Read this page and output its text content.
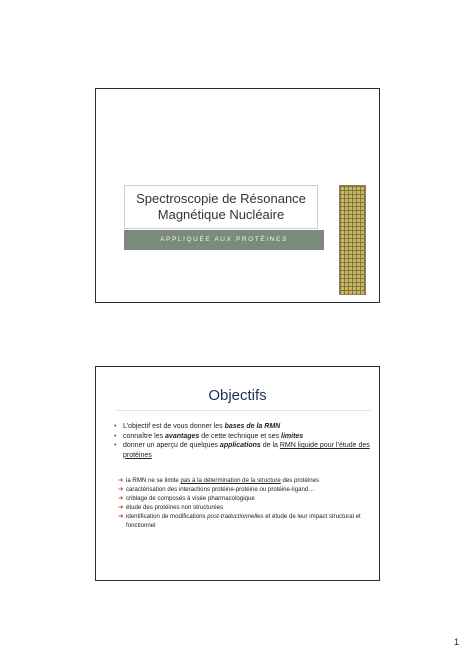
Spectroscopie de Résonance
Magnétique Nucléaire
APPLIQUÉE AUX PROTÉINES
Objectifs
• L’objectif est de vous donner les bases de la RMN
• connaître les avantages de cette technique et ses limites
• donner un aperçu de quelques applications de la RMN liquide pour l’étude des protéines
➔ la RMN ne se limite pas à la détermination de la structure des protéines
➔ caractérisation des interactions protéine-protéine ou protéine-ligand…
➔ criblage de composés à visée pharmacologique
➔ étude des protéines non structurées
➔ identification de modifications post-traductionnelles et étude de leur impact structural et fonctionnel
1
